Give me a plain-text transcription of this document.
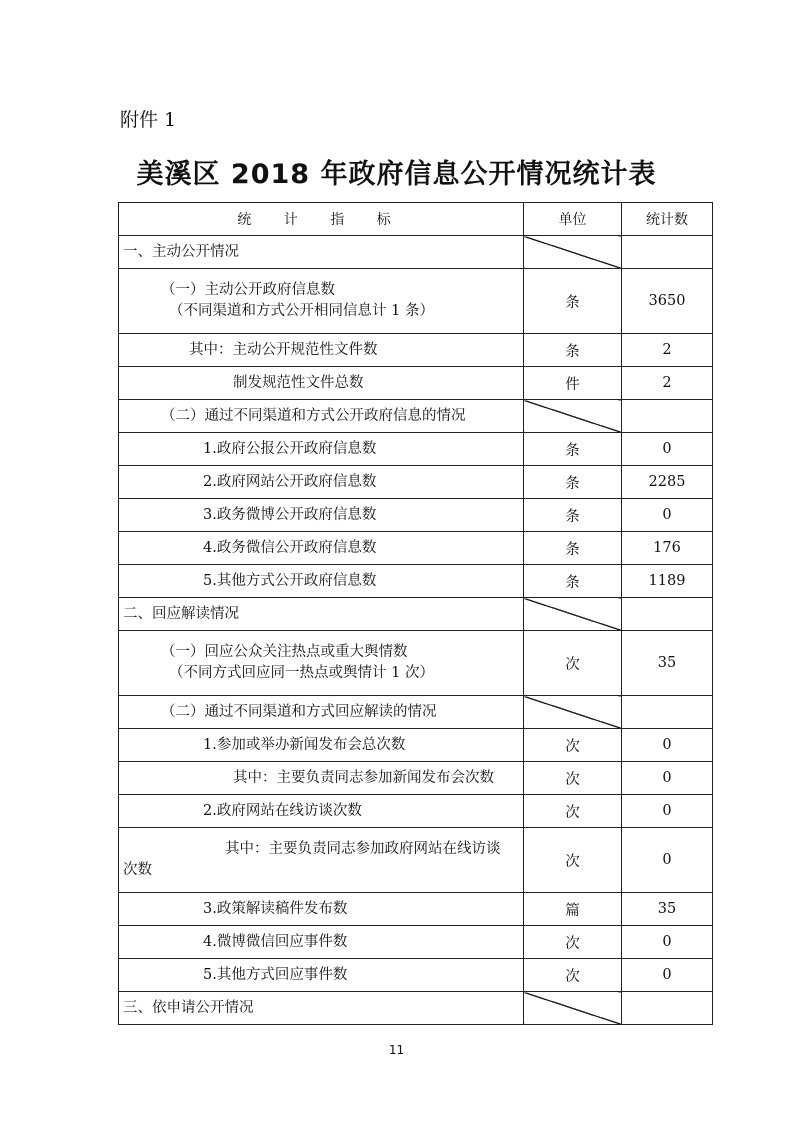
附件 1
美溪区 2018 年政府信息公开情况统计表
统 计 指 标	单位	统计数
一、主动公开情况		
（一）主动公开政府信息数

（不同渠道和方式公开相同信息计 1 条）	条	3650
其中：主动公开规范性文件数	条	2
制发规范性文件总数	件	2
（二）通过不同渠道和方式公开政府信息的情况		
1.政府公报公开政府信息数	条	0
2.政府网站公开政府信息数	条	2285
3.政务微博公开政府信息数	条	0
4.政务微信公开政府信息数	条	176
5.其他方式公开政府信息数	条	1189
二、回应解读情况		
（一）回应公众关注热点或重大舆情数

（不同方式回应同一热点或舆情计 1 次）	次	35
（二）通过不同渠道和方式回应解读的情况		
1.参加或举办新闻发布会总次数	次	0
其中：主要负责同志参加新闻发布会次数	次	0
2.政府网站在线访谈次数	次	0

其中：主要负责同志参加政府网站在线访谈
次数	次	0
3.政策解读稿件发布数	篇	35
4.微博微信回应事件数	次	0
5.其他方式回应事件数	次	0
三、依申请公开情况		
11
